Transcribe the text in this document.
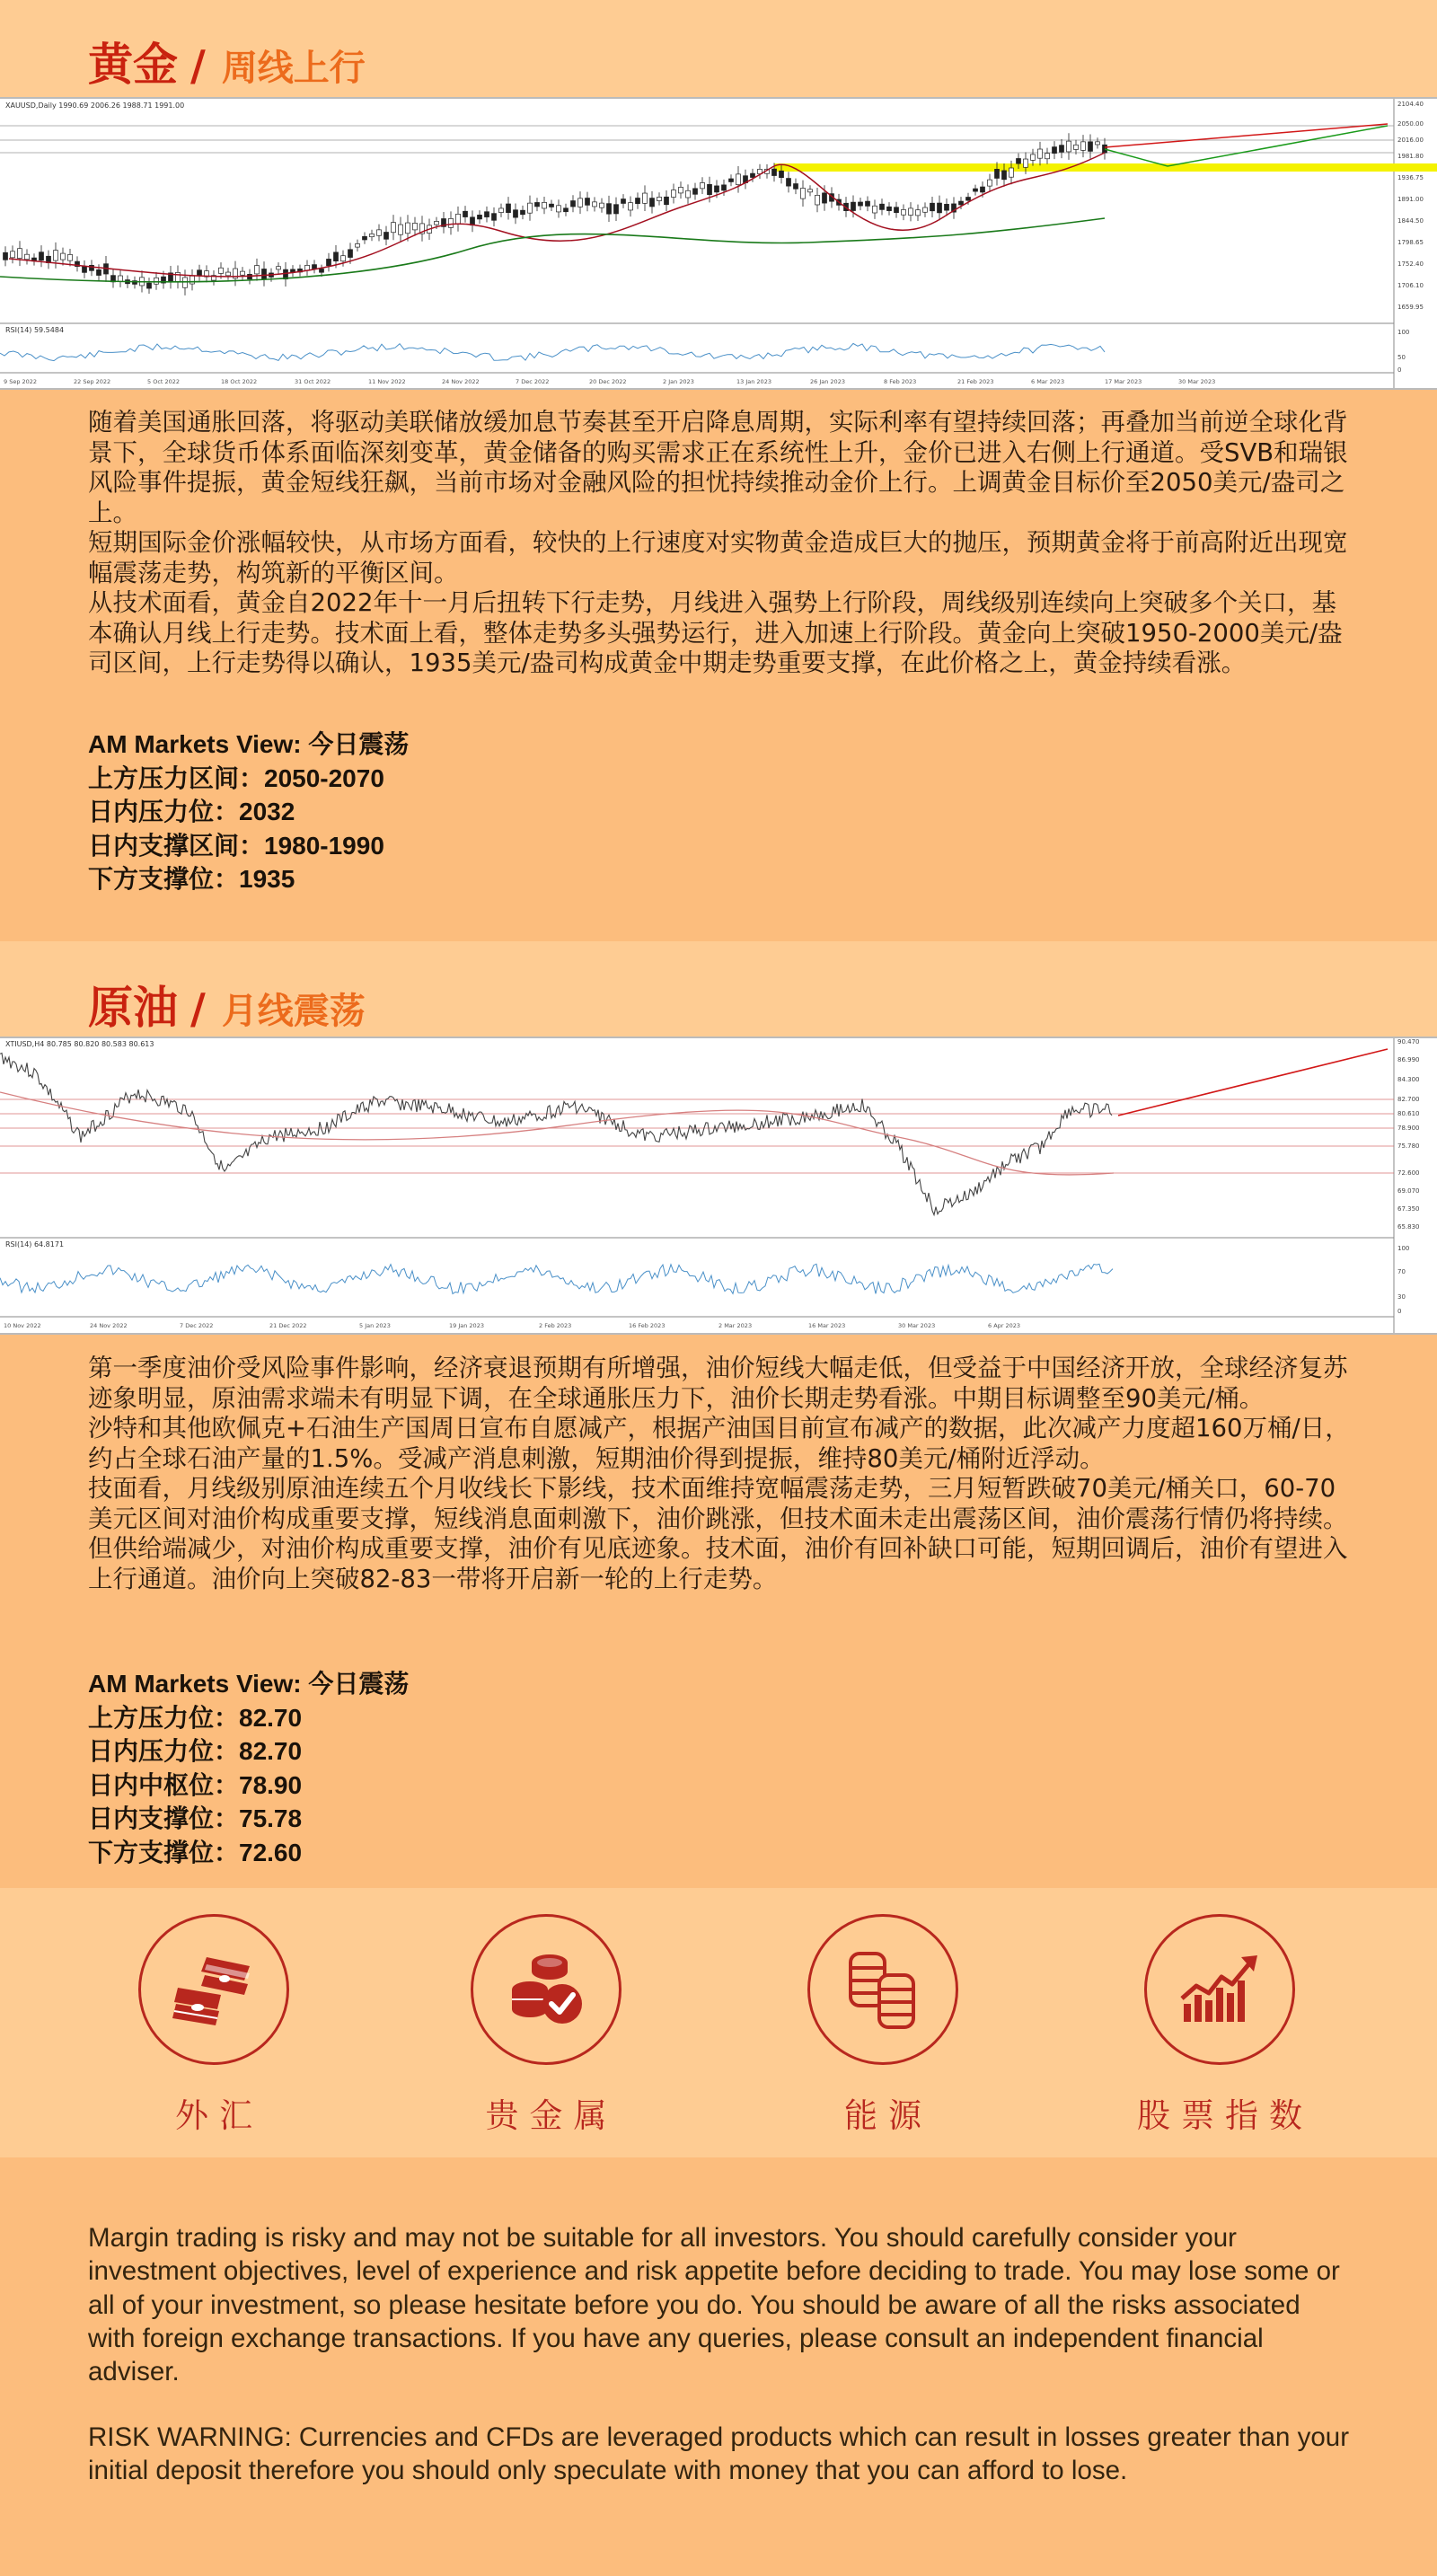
黄金 / 周线上行
XAUUSD,Daily 1990.69 2006.26 1988.71 1991.00
RSI(14) 59.5484
2104.40
2050.00
2016.00
1981.80
1936.75
1891.00
1844.50
1798.65
1752.40
1706.10
1659.95
100
50
0
9 Sep 2022	22 Sep 2022	5 Oct 2022	18 Oct 2022	31 Oct 2022	11 Nov 2022	24 Nov 2022	7 Dec 2022	20 Dec 2022	2 Jan 2023	13 Jan 2023	26 Jan 2023	8 Feb 2023	21 Feb 2023	6 Mar 2023	17 Mar 2023	30 Mar 2023

随着美国通胀回落，将驱动美联储放缓加息节奏甚至开启降息周期，实际利率有望持续回落；再叠加当前逆全球化背景下，全球货币体系面临深刻变革，黄金储备的购买需求正在系统性上升，金价已进入右侧上行通道。受SVB和瑞银风险事件提振，黄金短线狂飙，当前市场对金融风险的担忧持续推动金价上行。上调黄金目标价至2050美元/盎司之上。

短期国际金价涨幅较快，从市场方面看，较快的上行速度对实物黄金造成巨大的抛压，预期黄金将于前高附近出现宽幅震荡走势，构筑新的平衡区间。

从技术面看，黄金自2022年十一月后扭转下行走势，月线进入强势上行阶段，周线级别连续向上突破多个关口，基本确认月线上行走势。技术面上看，整体走势多头强势运行，进入加速上行阶段。黄金向上突破1950-2000美元/盎司区间，上行走势得以确认，1935美元/盎司构成黄金中期走势重要支撑，在此价格之上，黄金持续看涨。

AM Markets View: 今日震荡
上方压力区间：2050-2070
日内压力位：2032
日内支撑区间：1980-1990
下方支撑位：1935
原油 / 月线震荡
XTIUSD,H4 80.785 80.820 80.583 80.613
RSI(14) 64.8171
90.470
86.990
84.300
82.700
80.610
78.900
75.780
72.600
69.070
67.350
65.830
100
70
30
0
10 Nov 2022	24 Nov 2022	7 Dec 2022	21 Dec 2022	5 Jan 2023	19 Jan 2023	2 Feb 2023	16 Feb 2023	2 Mar 2023	16 Mar 2023	30 Mar 2023	6 Apr 2023

第一季度油价受风险事件影响，经济衰退预期有所增强，油价短线大幅走低，但受益于中国经济开放，全球经济复苏迹象明显，原油需求端未有明显下调，在全球通胀压力下，油价长期走势看涨。中期目标调整至90美元/桶。

沙特和其他欧佩克+石油生产国周日宣布自愿减产，根据产油国目前宣布减产的数据，此次减产力度超160万桶/日，约占全球石油产量的1.5%。受减产消息刺激，短期油价得到提振，维持80美元/桶附近浮动。

技面看，月线级别原油连续五个月收线长下影线，技术面维持宽幅震荡走势，三月短暂跌破70美元/桶关口，60-70美元区间对油价构成重要支撑，短线消息面刺激下，油价跳涨，但技术面未走出震荡区间，油价震荡行情仍将持续。但供给端减少，对油价构成重要支撑，油价有见底迹象。技术面，油价有回补缺口可能，短期回调后，油价有望进入上行通道。油价向上突破82-83一带将开启新一轮的上行走势。

AM Markets View: 今日震荡
上方压力位：82.70
日内压力位：82.70
日内中枢位：78.90
日内支撑位：75.78
下方支撑位：72.60
外汇	贵金属	能源	股票指数
Margin trading is risky and may not be suitable for all investors. You should carefully consider your investment objectives, level of experience and risk appetite before deciding to trade. You may lose some or all of your investment, so please hesitate before you do. You should be aware of all the risks associated with foreign exchange transactions. If you have any queries, please consult an independent financial adviser.
RISK WARNING: Currencies and CFDs are leveraged products which can result in losses greater than your initial deposit therefore you should only speculate with money that you can afford to lose.
